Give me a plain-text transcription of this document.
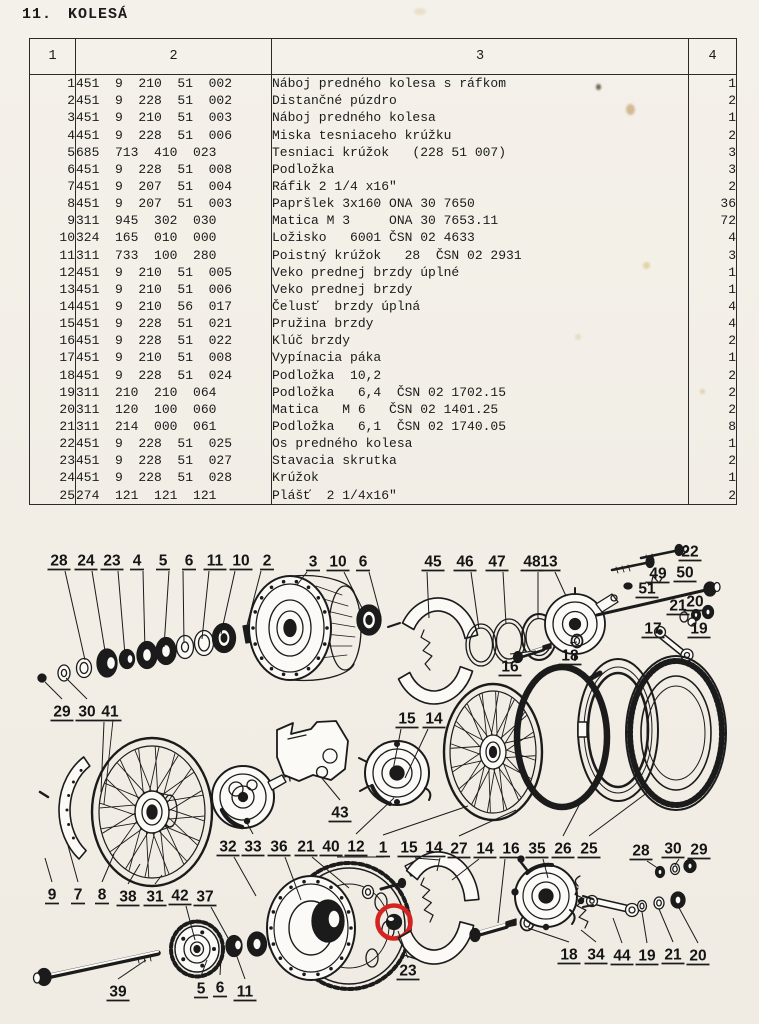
11. KOLESÁ
1	2	3	4
1	451  9  210  51  002	Náboj predného kolesa s ráfkom	1
2	451  9  228  51  002	Distančné púzdro	2
3	451  9  210  51  003	Náboj predného kolesa	1
4	451  9  228  51  006	Miska tesniaceho krúžku	2
5	685  713  410  023	Tesniaci krúžok   (228 51 007)	3
6	451  9  228  51  008	Podložka	3
7	451  9  207  51  004	Ráfik 2 1/4 x16"	2
8	451  9  207  51  003	Papršlek 3x160 ONA 30 7650	36
9	311  945  302  030	Matica M 3     ONA 30 7653.11	72
10	324  165  010  000	Ložisko   6001 ČSN 02 4633	4
11	311  733  100  280	Poistný krúžok   28  ČSN 02 2931	3
12	451  9  210  51  005	Veko prednej brzdy úplné	1
13	451  9  210  51  006	Veko prednej brzdy	1
14	451  9  210  56  017	Čelusť  brzdy úplná	4
15	451  9  228  51  021	Pružina brzdy	4
16	451  9  228  51  022	Klúč brzdy	2
17	451  9  210  51  008	Vypínacia páka	1
18	451  9  228  51  024	Podložka  10,2	2
19	311  210  210  064	Podložka   6,4  ČSN 02 1702.15	2
20	311  120  100  060	Matica   M 6   ČSN 02 1401.25	2
21	311  214  000  061	Podložka   6,1  ČSN 02 1740.05	8
22	451  9  228  51  025	Os predného kolesa	1
23	451  9  228  51  027	Stavacia skrutka	2
24	451  9  228  51  028	Krúžok	1
25	274  121  121  121	Plášť  2 1/4x16"	2
28 24 23 4 5 6 11 10 2 3 10 6	45 46 47 48 13
22
49 50
51
21 20
17 19
18
16
15 14
29 30 41
43
32 33 36 21 40 12 1 15 14 27 14 16 35 26 25 28 30 29
9 7 8 38 31 42 37
39	5 6 11
23
18 34 44 19 21 20
